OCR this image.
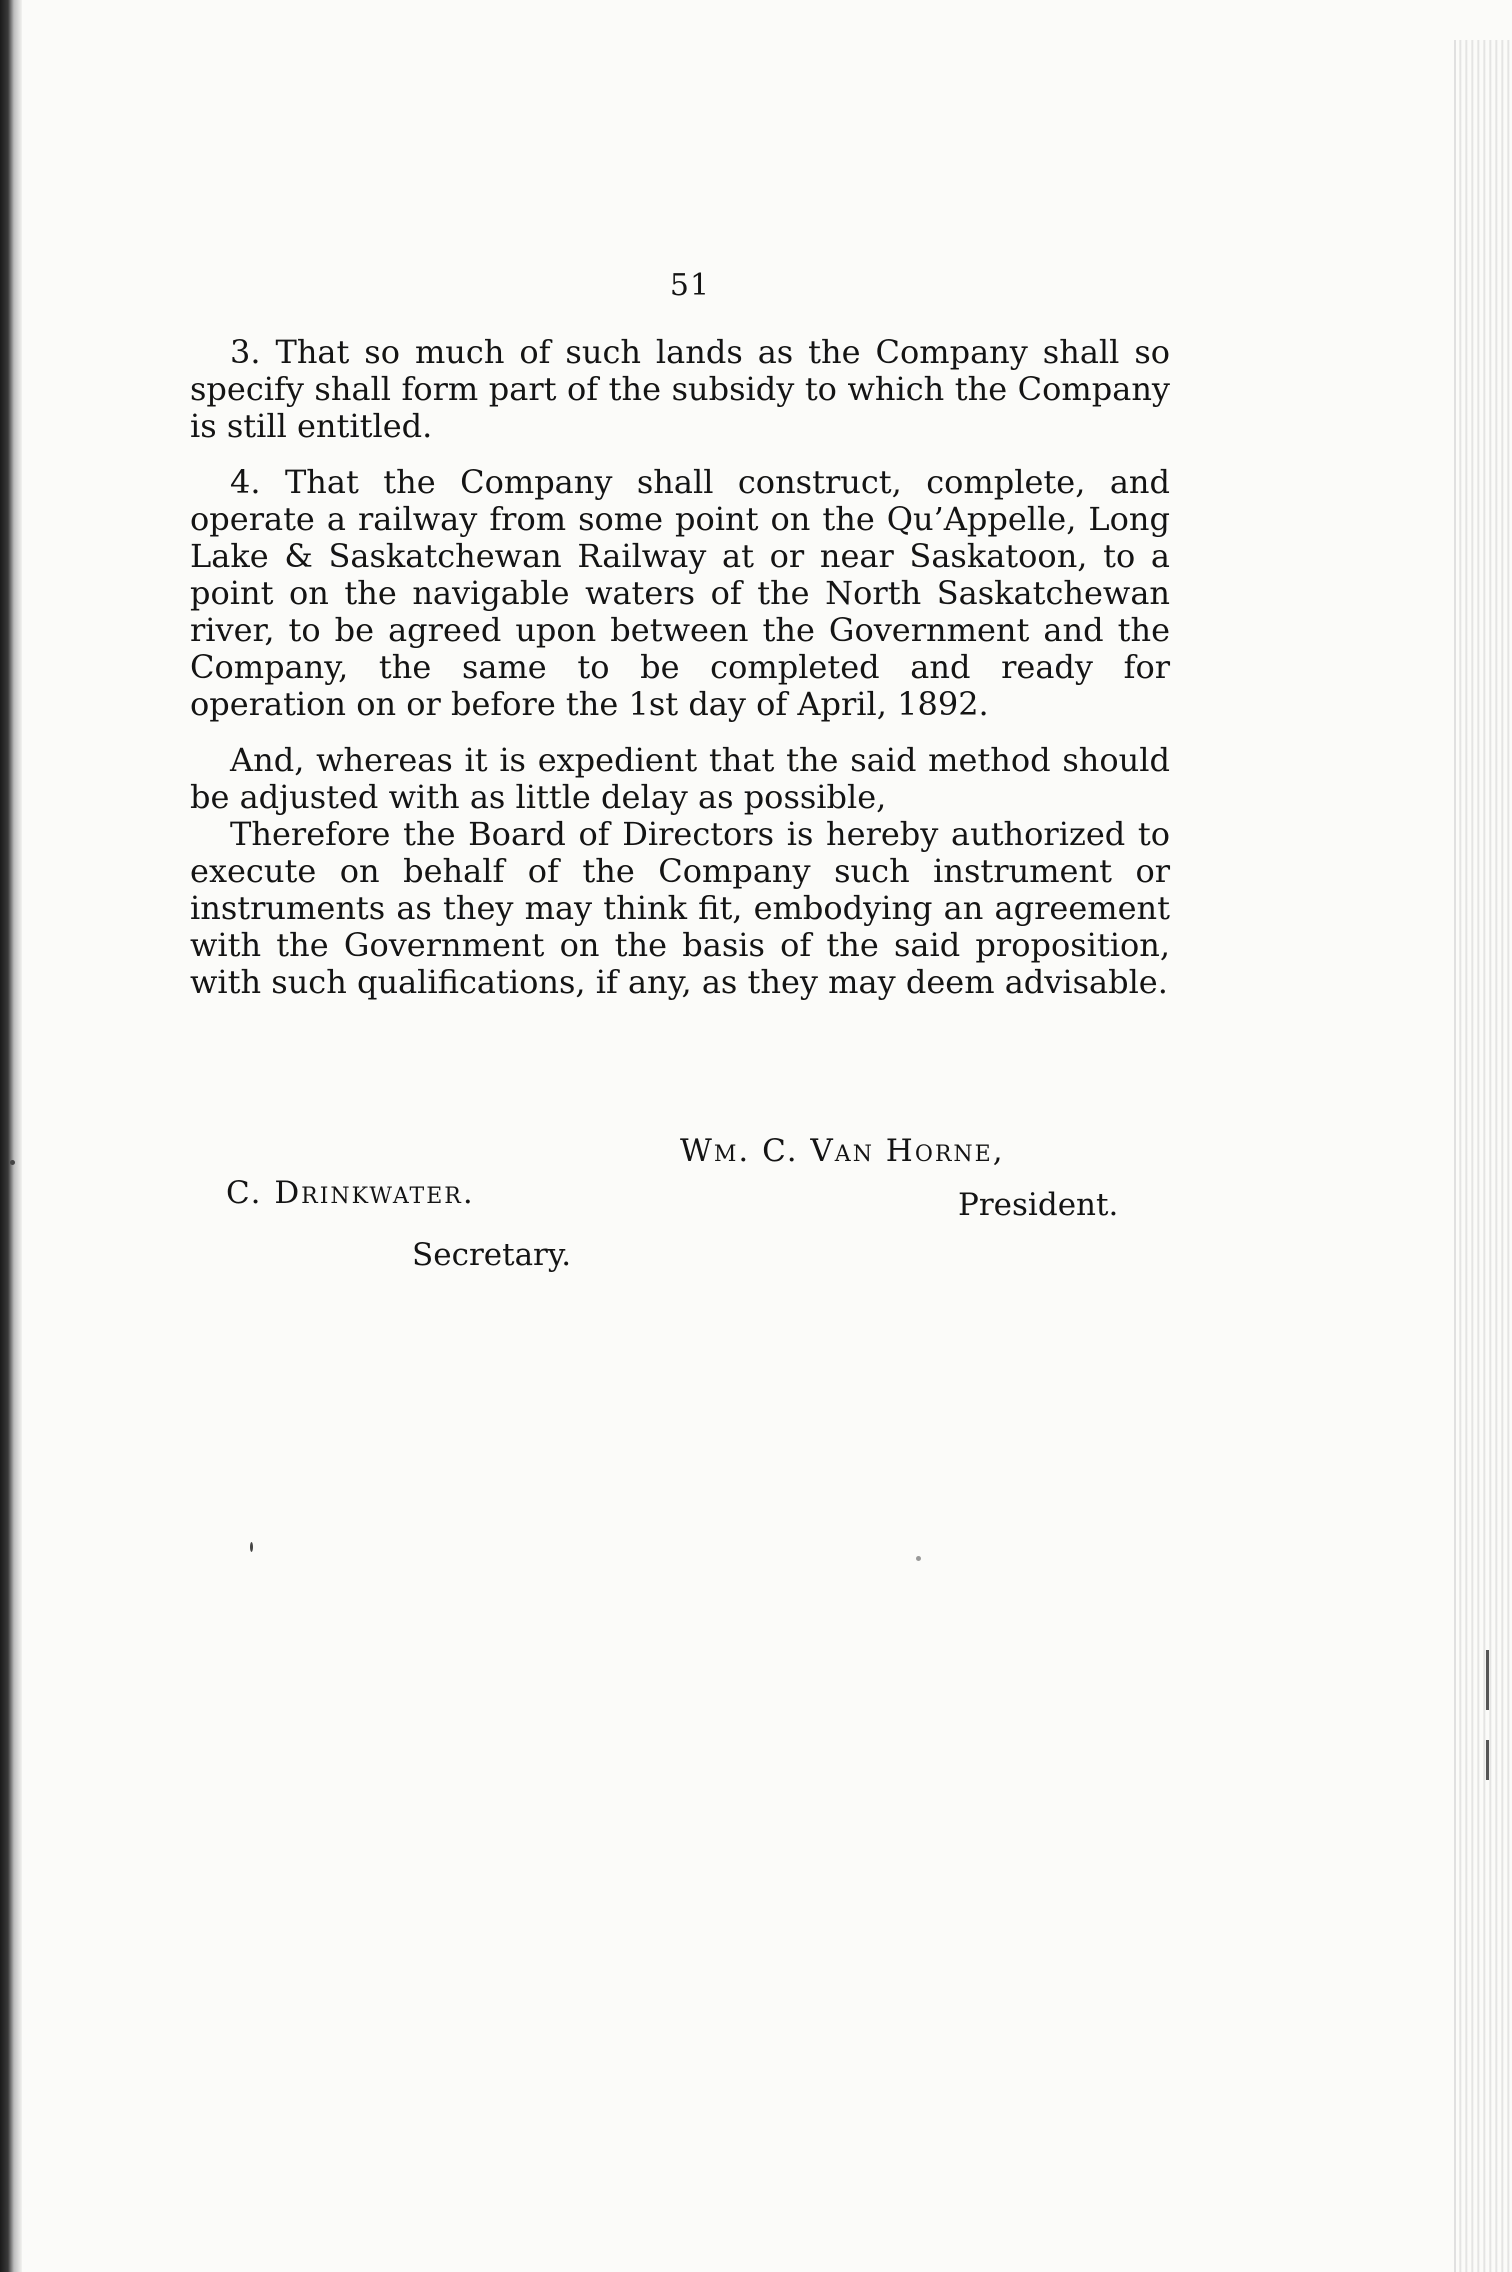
51

3. That so much of such lands as the Company shall so specify shall form part of the subsidy to which the Company is still entitled.

4. That the Company shall construct, complete, and operate a railway from some point on the Qu’Appelle, Long Lake & Saskatchewan Railway at or near Saskatoon, to a point on the navigable waters of the North Saskatchewan river, to be agreed upon between the Government and the Company, the same to be completed and ready for operation on or before the 1st day of April, 1892.

And, whereas it is expedient that the said method should be adjusted with as little delay as possible,

Therefore the Board of Directors is hereby authorized to execute on behalf of the Company such instrument or instruments as they may think fit, embodying an agreement with the Government on the basis of the said proposition, with such qualifications, if any, as they may deem advisable.

Wm. C. Van Horne,
President.
C. Drinkwater.
Secretary.
